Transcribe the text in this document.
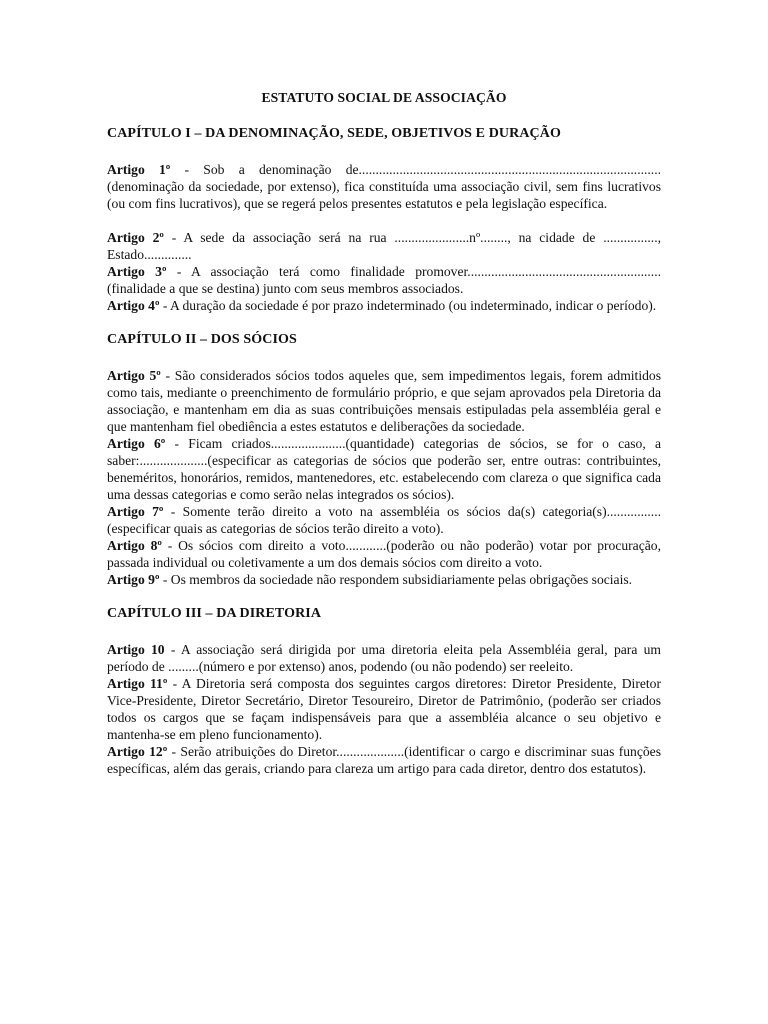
ESTATUTO SOCIAL DE ASSOCIAÇÃO
CAPÍTULO I – DA DENOMINAÇÃO, SEDE, OBJETIVOS E DURAÇÃO

Artigo 1º - Sob a denominação de......................................................................................... (denominação da sociedade, por extenso), fica constituída uma associação civil, sem fins lucrativos (ou com fins lucrativos), que se regerá pelos presentes estatutos e pela legislação específica.

Artigo 2º - A sede da associação será na rua ......................nº........, na cidade de ................, Estado..............

Artigo 3º - A associação terá como finalidade promover......................................................... (finalidade a que se destina) junto com seus membros associados.

Artigo 4º - A duração da sociedade é por prazo indeterminado (ou indeterminado, indicar o período).

CAPÍTULO II – DOS SÓCIOS

Artigo 5º - São considerados sócios todos aqueles que, sem impedimentos legais, forem admitidos como tais, mediante o preenchimento de formulário próprio, e que sejam aprovados pela Diretoria da associação, e mantenham em dia as suas contribuições mensais estipuladas pela assembléia geral e que mantenham fiel obediência a estes estatutos e deliberações da sociedade.

Artigo 6º - Ficam criados......................(quantidade) categorias de sócios, se for o caso, a saber:....................(especificar as categorias de sócios que poderão ser, entre outras: contribuintes, beneméritos, honorários, remidos, mantenedores, etc. estabelecendo com clareza o que significa cada uma dessas categorias e como serão nelas integrados os sócios).

Artigo 7º - Somente terão direito a voto na assembléia os sócios da(s) categoria(s)................(especificar quais as categorias de sócios terão direito a voto).

Artigo 8º - Os sócios com direito a voto............(poderão ou não poderão) votar por procuração, passada individual ou coletivamente a um dos demais sócios com direito a voto.

Artigo 9º - Os membros da sociedade não respondem subsidiariamente pelas obrigações sociais.

CAPÍTULO III – DA DIRETORIA

Artigo 10 - A associação será dirigida por uma diretoria eleita pela Assembléia geral, para um período de .........(número e por extenso) anos, podendo (ou não podendo) ser reeleito.

Artigo 11º - A Diretoria será composta dos seguintes cargos diretores: Diretor Presidente, Diretor Vice-Presidente, Diretor Secretário, Diretor Tesoureiro, Diretor de Patrimônio, (poderão ser criados todos os cargos que se façam indispensáveis para que a assembléia alcance o seu objetivo e mantenha-se em pleno funcionamento).

Artigo 12º - Serão atribuições do Diretor....................(identificar o cargo e discriminar suas funções específicas, além das gerais, criando para clareza um artigo para cada diretor, dentro dos estatutos).
